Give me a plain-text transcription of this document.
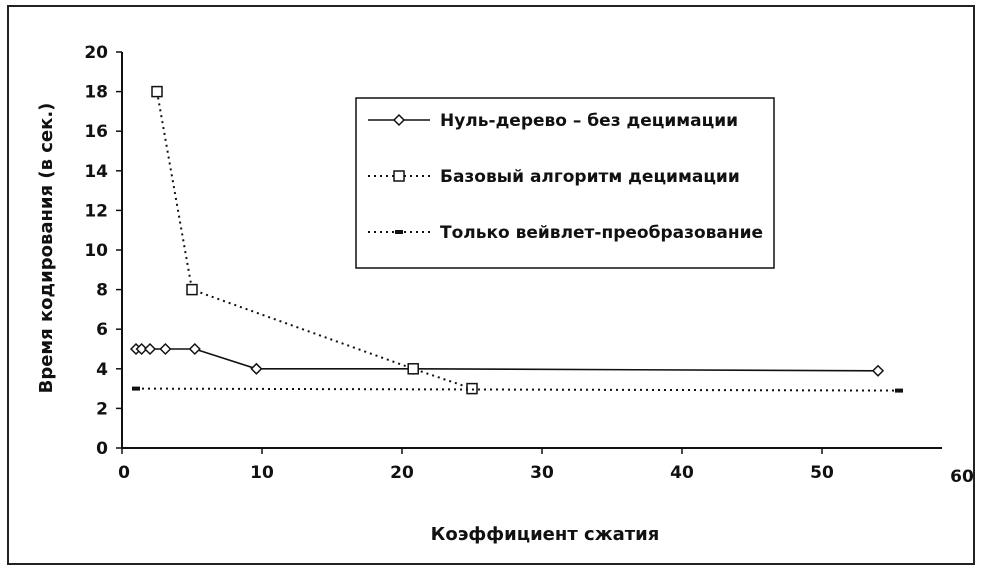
0
2
4
6
8
10
12
14
16
18
20
0	10	20	30	40	50	60
Коэффициент сжатия
Время кодирования (в сек.)	Нуль-дерево – без децимации
Базовый алгоритм децимации
Только вейвлет-преобразование
